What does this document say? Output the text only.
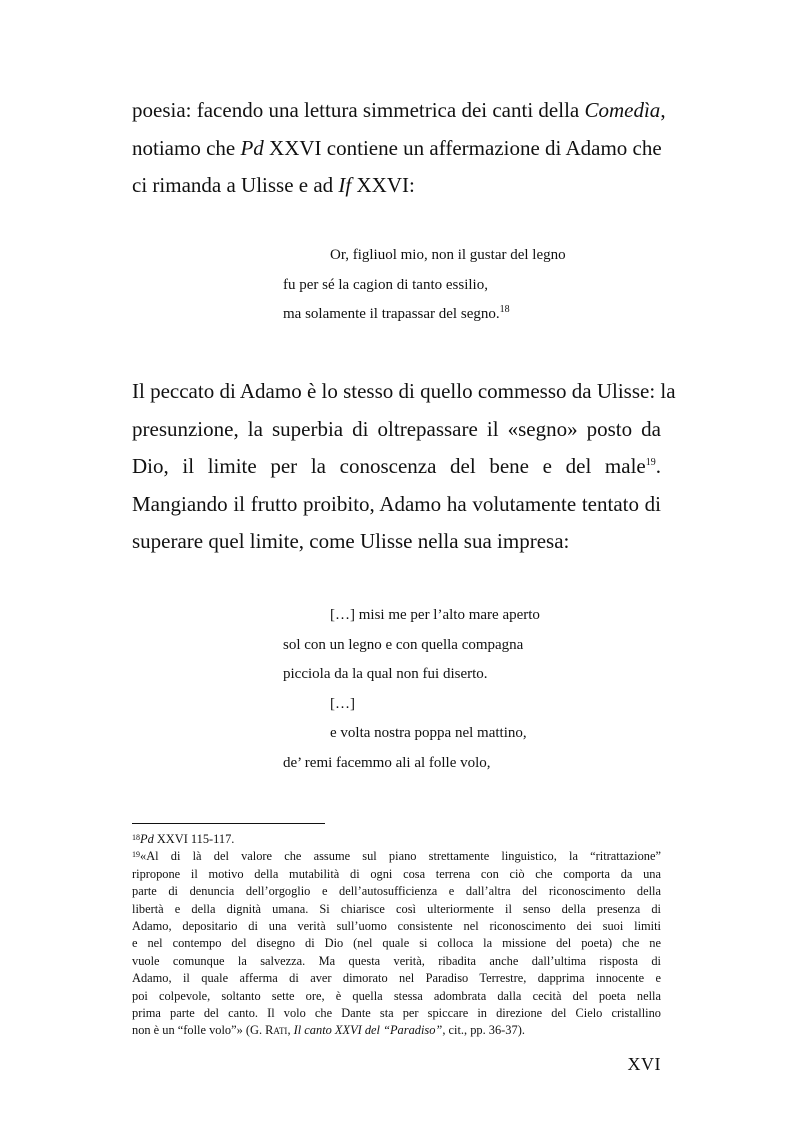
poesia: facendo una lettura simmetrica dei canti della Comedìa,
notiamo che Pd XXVI contiene un affermazione di Adamo che
ci rimanda a Ulisse e ad If XXVI:
Or, figliuol mio, non il gustar del legno
fu per sé la cagion di tanto essilio,
ma solamente il trapassar del segno.$^{18}$
Il peccato di Adamo è lo stesso di quello commesso da Ulisse: la
presunzione, la superbia di oltrepassare il «segno» posto da
Dio, il limite per la conoscenza del bene e del male$^{19}$.
Mangiando il frutto proibito, Adamo ha volutamente tentato di
superare quel limite, come Ulisse nella sua impresa:
[…] misi me per l’alto mare aperto
sol con un legno e con quella compagna
picciola da la qual non fui diserto.
[…]
e volta nostra poppa nel mattino,
de’ remi facemmo ali al folle volo,
$^{18}$Pd XXVI 115-117.
$^{19}$«Al di là del valore che assume sul piano strettamente linguistico, la “ritrattazione”
ripropone il motivo della mutabilità di ogni cosa terrena con ciò che comporta da una
parte di denuncia dell’orgoglio e dell’autosufficienza e dall’altra del riconoscimento della
libertà e della dignità umana. Si chiarisce così ulteriormente il senso della presenza di
Adamo, depositario di una verità sull’uomo consistente nel riconoscimento dei suoi limiti
e nel contempo del disegno di Dio (nel quale si colloca la missione del poeta) che ne
vuole comunque la salvezza. Ma questa verità, ribadita anche dall’ultima risposta di
Adamo, il quale afferma di aver dimorato nel Paradiso Terrestre, dapprima innocente e
poi colpevole, soltanto sette ore, è quella stessa adombrata dalla cecità del poeta nella
prima parte del canto. Il volo che Dante sta per spiccare in direzione del Cielo cristallino
non è un “folle volo”» (G. Rati, Il canto XXVI del “Paradiso”, cit., pp. 36-37).
XVI
